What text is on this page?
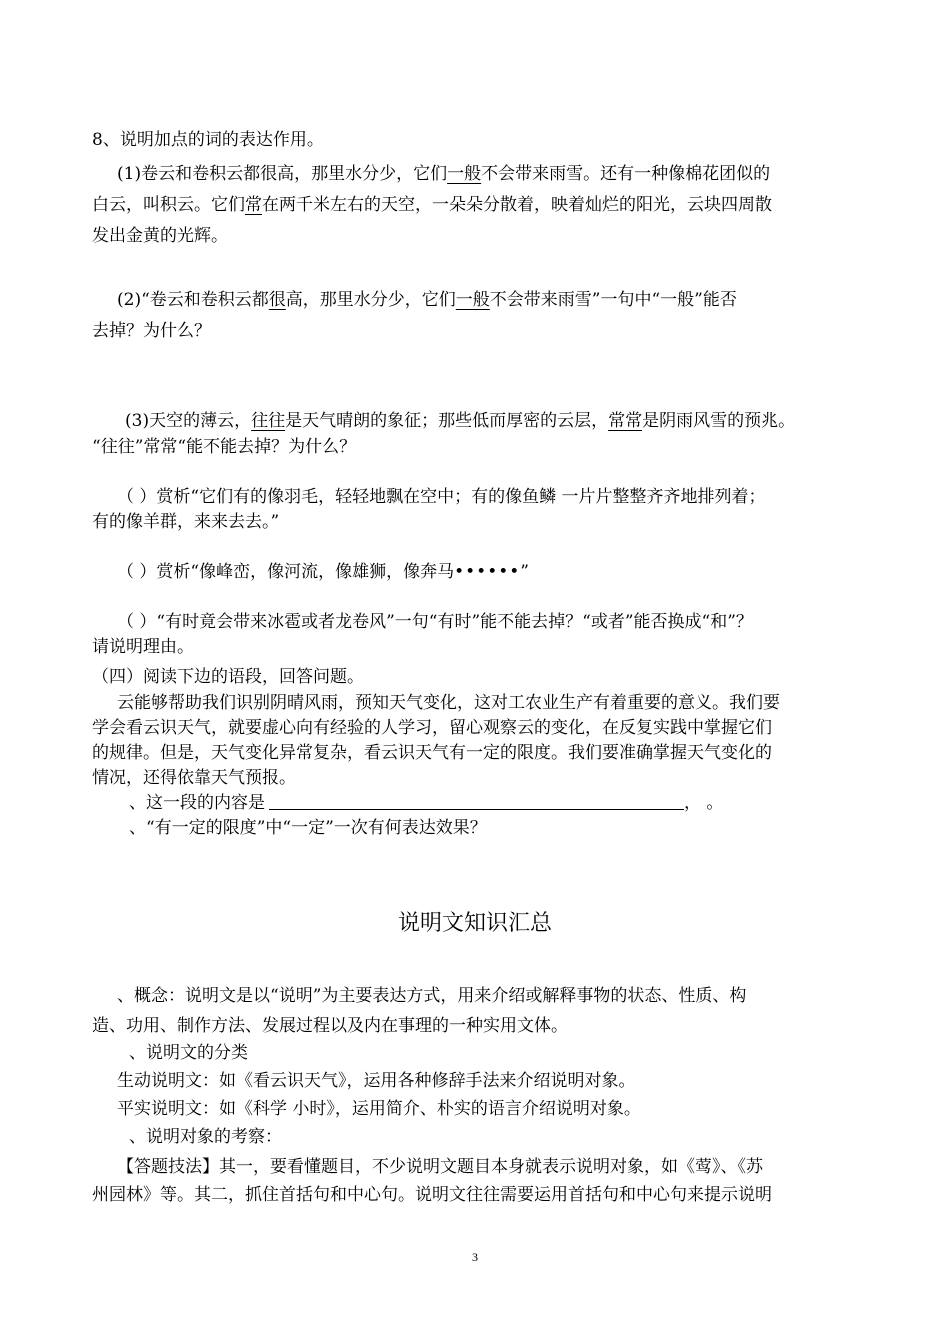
8、说明加点的词的表达作用。
(1)卷云和卷积云都很高，那里水分少，它们一般不会带来雨雪。还有一种像棉花团似的
白云，叫积云。它们常在两千米左右的天空，一朵朵分散着，映着灿烂的阳光，云块四周散
发出金黄的光辉。
(2)“卷云和卷积云都很高，那里水分少，它们一般不会带来雨雪”一句中“一般”能否
去掉？为什么？
(3)天空的薄云，往往是天气晴朗的象征；那些低而厚密的云层，常常是阴雨风雪的预兆。
“往往”常常“能不能去掉？为什么？
（ ）赏析“它们有的像羽毛，轻轻地飘在空中；有的像鱼鳞 一片片整整齐齐地排列着；
有的像羊群，来来去去。”
（ ）赏析“像峰峦，像河流，像雄狮，像奔马••••••”
（ ）“有时竟会带来冰雹或者龙卷风”一句“有时”能不能去掉？“或者”能否换成“和”？
请说明理由。
（四）阅读下边的语段，回答问题。
云能够帮助我们识别阴晴风雨，预知天气变化，这对工农业生产有着重要的意义。我们要
学会看云识天气，就要虚心向有经验的人学习，留心观察云的变化，在反复实践中掌握它们
的规律。但是，天气变化异常复杂，看云识天气有一定的限度。我们要准确掌握天气变化的
情况，还得依靠天气预报。
、这一段的内容是	， 。
、“有一定的限度”中“一定”一次有何表达效果？
说明文知识汇总
、概念：说明文是以“说明”为主要表达方式，用来介绍或解释事物的状态、性质、构
造、功用、制作方法、发展过程以及内在事理的一种实用文体。
、说明文的分类
生动说明文：如《看云识天气》，运用各种修辞手法来介绍说明对象。
平实说明文：如《科学 小时》，运用简介、朴实的语言介绍说明对象。
、说明对象的考察：
【答题技法】其一，要看懂题目，不少说明文题目本身就表示说明对象，如《莺》、《苏
州园林》等。其二，抓住首括句和中心句。说明文往往需要运用首括句和中心句来提示说明
3
